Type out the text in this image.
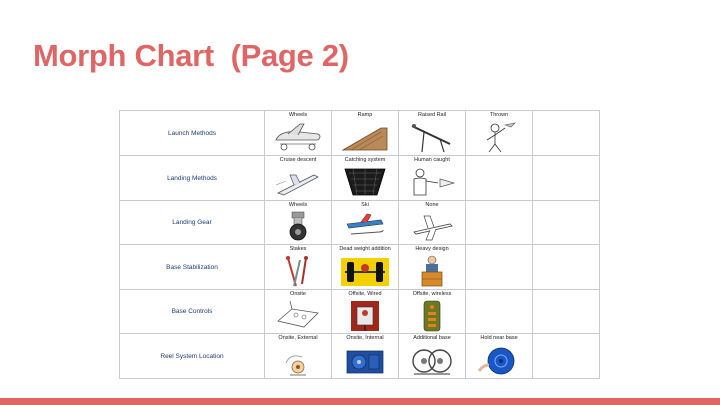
Morph Chart  (Page 2)
Launch Methods	Wheels	Ramp	Raised Rail	Thrown	

Landing Methods	Cruise descent	Catching system	Human caught		

Landing Gear	Wheels	Ski	None		

Base Stabilization	Stakes	Dead weight addition	Heavy design		

Base Controls	Onsite	Offsite, Wired	Offsite, wireless		

Reel System Location	Onsite, External	Onsite, Internal	Additional base	Hold near base	
